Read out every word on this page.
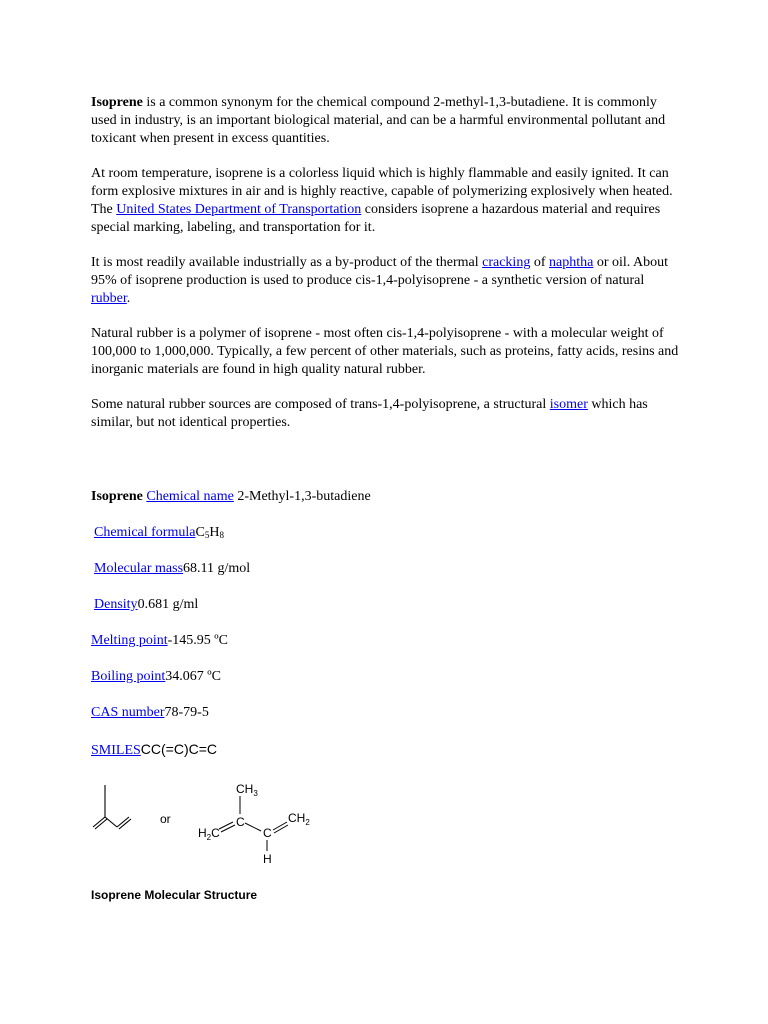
Isoprene is a common synonym for the chemical compound 2-methyl-1,3-butadiene. It is commonly used in industry, is an important biological material, and can be a harmful environmental pollutant and toxicant when present in excess quantities.

At room temperature, isoprene is a colorless liquid which is highly flammable and easily ignited. It can form explosive mixtures in air and is highly reactive, capable of polymerizing explosively when heated. The United States Department of Transportation considers isoprene a hazardous material and requires special marking, labeling, and transportation for it.

It is most readily available industrially as a by-product of the thermal cracking of naphtha or oil. About 95% of isoprene production is used to produce cis-1,4-polyisoprene - a synthetic version of natural rubber.

Natural rubber is a polymer of isoprene - most often cis-1,4-polyisoprene - with a molecular weight of 100,000 to 1,000,000. Typically, a few percent of other materials, such as proteins, fatty acids, resins and inorganic materials are found in high quality natural rubber.

Some natural rubber sources are composed of trans-1,4-polyisoprene, a structural isomer which has similar, but not identical properties.

Isoprene Chemical name 2-Methyl-1,3-butadiene
Chemical $formulaC_5H_8$
Molecular mass68.11 g/mol
Density0.681 g/ml
Melting point-145.95 ºC
Boiling point34.067 ºC
CAS number78-79-5
SMILESCC(=C)C=C
or
$CH_3$
C
$H_2C$	C
H
$CH_2$
Isoprene Molecular Structure
